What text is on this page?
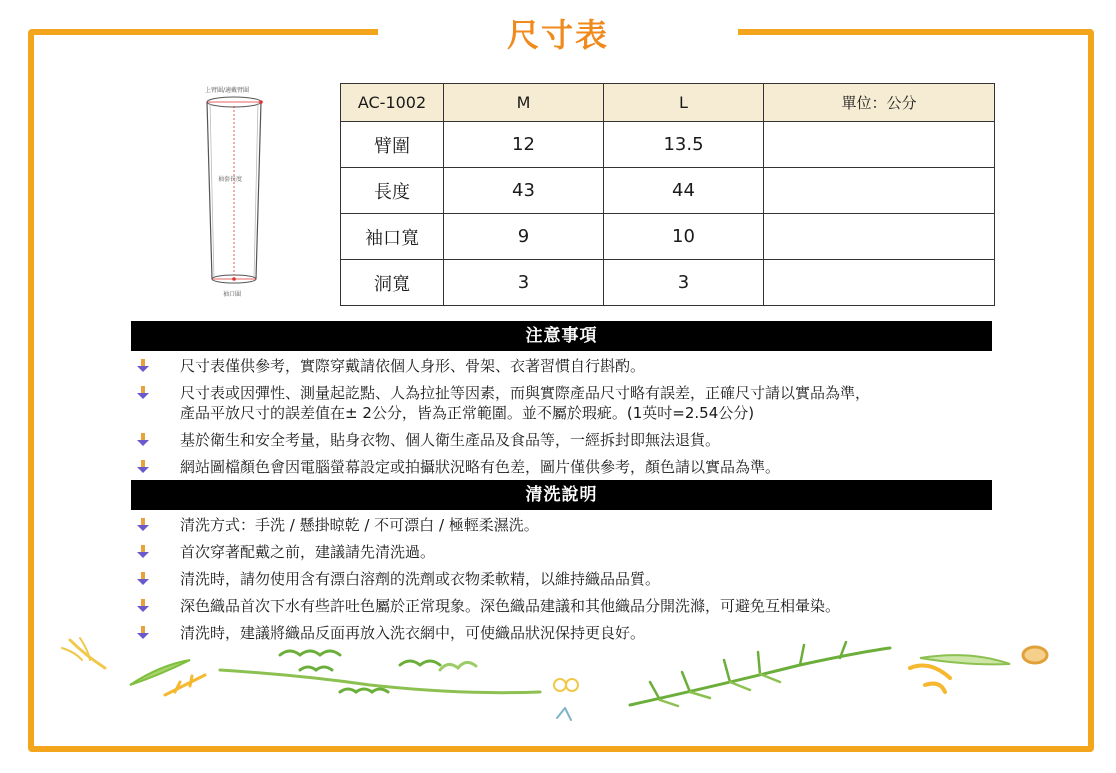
尺寸表
上臂圍/適戴臂圍
袖套長度
袖口圍
AC-1002	M	L	單位：公分
臂圍	12	13.5	
長度	43	44	
袖口寬	9	10	
洞寬	3	3	
注意事項
尺寸表僅供參考，實際穿戴請依個人身形、骨架、衣著習慣自行斟酌。
尺寸表或因彈性、測量起訖點、人為拉扯等因素，而與實際產品尺寸略有誤差，正確尺寸請以實品為準，
產品平放尺寸的誤差值在± 2公分，皆為正常範圍。並不屬於瑕疵。(1英吋=2.54公分)
基於衛生和安全考量，貼身衣物、個人衛生產品及食品等，一經拆封即無法退貨。
網站圖檔顏色會因電腦螢幕設定或拍攝狀況略有色差，圖片僅供參考，顏色請以實品為準。
清洗說明
清洗方式：手洗 / 懸掛晾乾 / 不可漂白 / 極輕柔濕洗。
首次穿著配戴之前，建議請先清洗過。
清洗時，請勿使用含有漂白溶劑的洗劑或衣物柔軟精，以維持織品品質。
深色織品首次下水有些許吐色屬於正常現象。深色織品建議和其他織品分開洗滌，可避免互相暈染。
清洗時，建議將織品反面再放入洗衣網中，可使織品狀況保持更良好。
